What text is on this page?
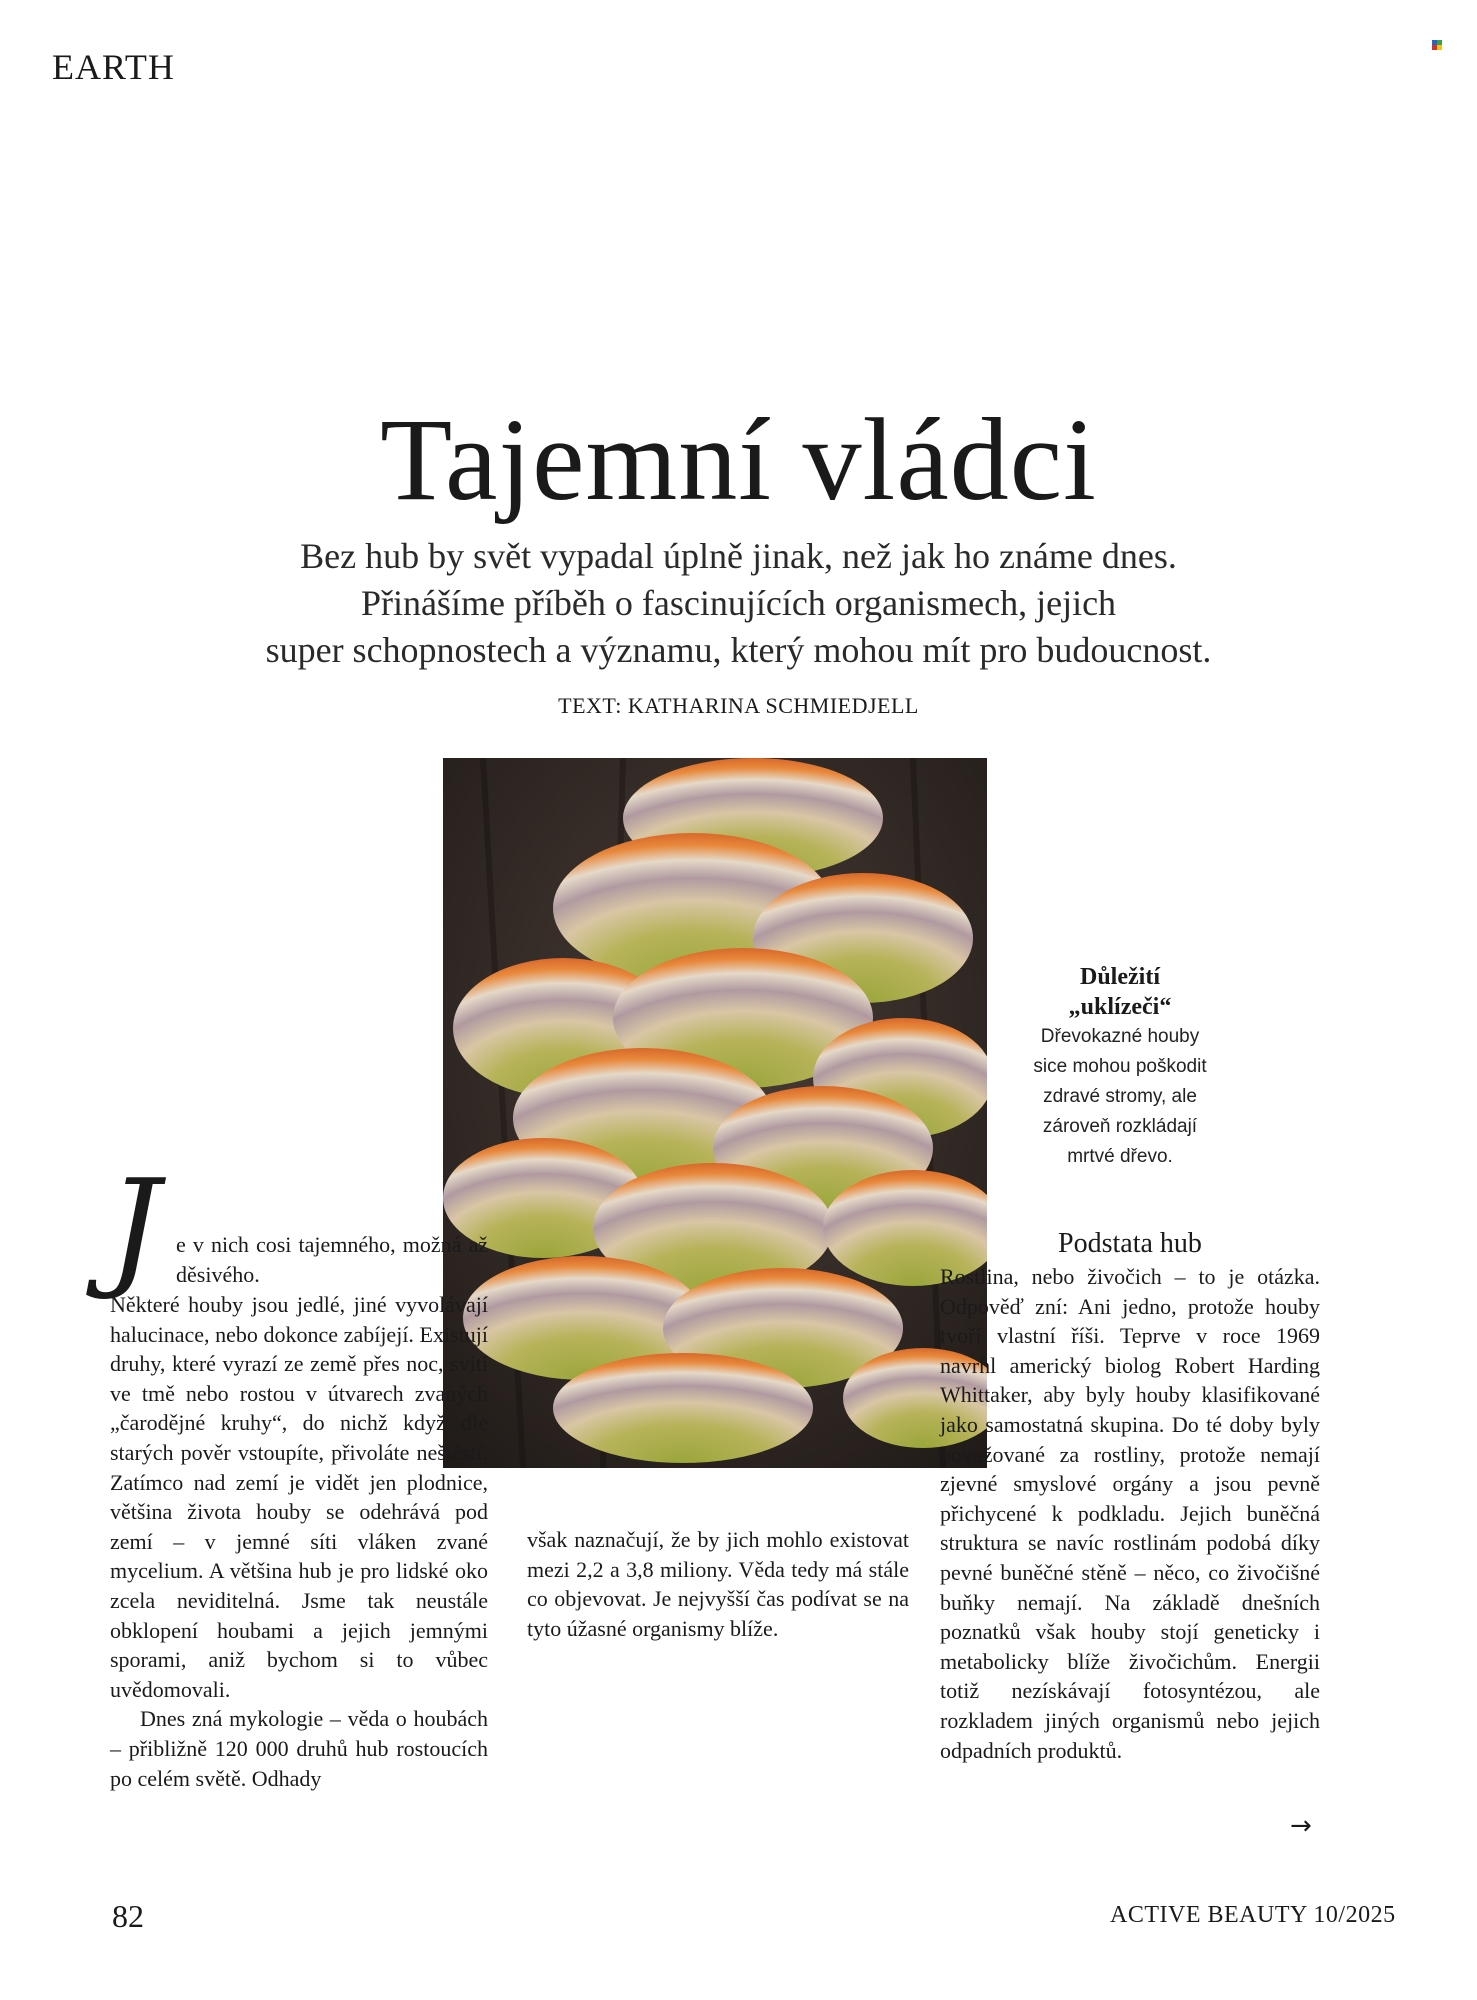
EARTH
Tajemní vládci
Bez hub by svět vypadal úplně jinak, než jak ho známe dnes.
Přinášíme příběh o fascinujících organismech, jejich
super schopnostech a významu, který mohou mít pro budoucnost.
TEXT: KATHARINA SCHMIEDJELL
Důležití
„uklízeči“
Dřevokazné houby
sice mohou poškodit
zdravé stromy, ale
zároveň rozkládají
mrtvé dřevo.
J e v nich cosi tajemného, možná až děsivého.

Některé houby jsou jedlé, jiné vyvolávají halucinace, nebo dokonce zabíjejí. Existují druhy, které vyrazí ze země přes noc, svítí ve tmě nebo rostou v útvarech zvaných „čarodějné kruhy“, do nichž když dle starých pověr vstoupíte, přivoláte neštěstí. Zatímco nad zemí je vidět jen plodnice, většina života houby se odehrává pod zemí – v jemné síti vláken zvané mycelium. A většina hub je pro lidské oko zcela neviditelná. Jsme tak neustále obklopení houbami a jejich jemnými sporami, aniž bychom si to vůbec uvědomovali.

Dnes zná mykologie – věda o houbách – přibližně 120 000 druhů hub rostoucích po celém světě. Odhady

však naznačují, že by jich mohlo existovat mezi 2,2 a 3,8 miliony. Věda tedy má stále co objevovat. Je nejvyšší čas podívat se na tyto úžasné organismy blíže.

Podstata hub

Rostlina, nebo živočich – to je otázka. Odpověď zní: Ani jedno, protože houby tvoří vlastní říši. Teprve v roce 1969 navrhl americký biolog Robert Harding Whittaker, aby byly houby klasifikované jako samostatná skupina. Do té doby byly považované za rostliny, protože nemají zjevné smyslové orgány a jsou pevně přichycené k podkladu. Jejich buněčná struktura se navíc rostlinám podobá díky pevné buněčné stěně – něco, co živočišné buňky nemají. Na základě dnešních poznatků však houby stojí geneticky i metabolicky blíže živočichům. Energii totiž nezískávají fotosyntézou, ale rozkladem jiných organismů nebo jejich odpadních produktů.

→
82	ACTIVE BEAUTY 10/2025
